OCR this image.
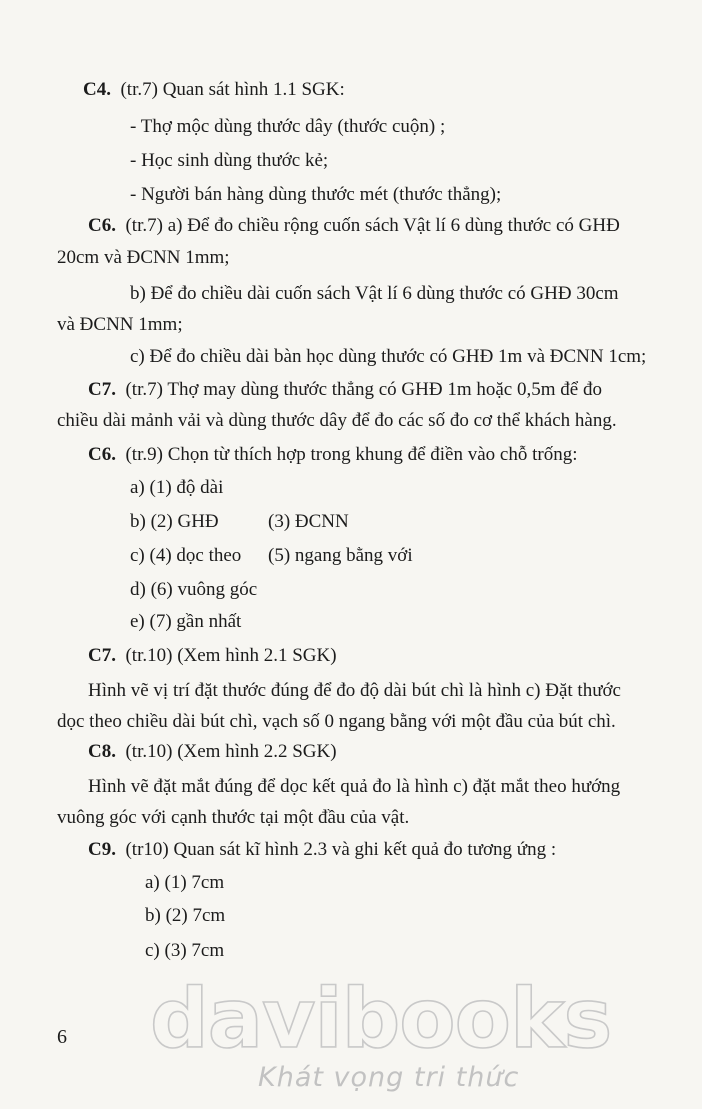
C4. (tr.7) Quan sát hình 1.1 SGK:
- Thợ mộc dùng thước dây (thước cuộn) ;
- Học sinh dùng thước kẻ;
- Người bán hàng dùng thước mét (thước thẳng);
C6. (tr.7) a) Để đo chiều rộng cuốn sách Vật lí 6 dùng thước có GHĐ
20cm và ĐCNN 1mm;
b) Để đo chiều dài cuốn sách Vật lí 6 dùng thước có GHĐ 30cm
và ĐCNN 1mm;
c) Để đo chiều dài bàn học dùng thước có GHĐ 1m và ĐCNN 1cm;
C7. (tr.7) Thợ may dùng thước thẳng có GHĐ 1m hoặc 0,5m để đo
chiều dài mảnh vải và dùng thước dây để đo các số đo cơ thể khách hàng.
C6. (tr.9) Chọn từ thích hợp trong khung để điền vào chỗ trống:
a) (1) độ dài
b) (2) GHĐ	(3) ĐCNN
c) (4) dọc theo (5) ngang bằng với
d) (6) vuông góc
e) (7) gần nhất
C7. (tr.10) (Xem hình 2.1 SGK)
Hình vẽ vị trí đặt thước đúng để đo độ dài bút chì là hình c) Đặt thước
dọc theo chiều dài bút chì, vạch số 0 ngang bằng với một đầu của bút chì.
C8. (tr.10) (Xem hình 2.2 SGK)
Hình vẽ đặt mắt đúng để dọc kết quả đo là hình c) đặt mắt theo hướng
vuông góc với cạnh thước tại một đầu của vật.
C9. (tr10) Quan sát kĩ hình 2.3 và ghi kết quả đo tương ứng :
a) (1) 7cm
b) (2) 7cm
c) (3) 7cm
6 davibooks
Khát vọng tri thức
